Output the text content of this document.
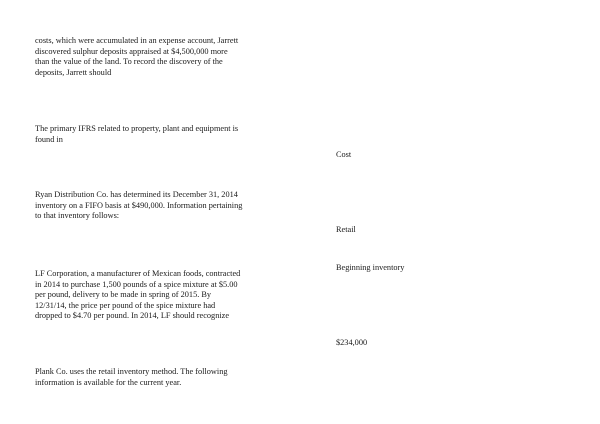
costs, which were accumulated in an expense account, Jarrett
discovered sulphur deposits appraised at $4,500,000 more
than the value of the land. To record the discovery of the
deposits, Jarrett should

The primary IFRS related to property, plant and equipment is
found in

Ryan Distribution Co. has determined its December 31, 2014
inventory on a FIFO basis at $490,000. Information pertaining
to that inventory follows:

LF Corporation, a manufacturer of Mexican foods, contracted
in 2014 to purchase 1,500 pounds of a spice mixture at $5.00
per pound, delivery to be made in spring of 2015. By
12/31/14, the price per pound of the spice mixture had
dropped to $4.70 per pound. In 2014, LF should recognize

Plank Co. uses the retail inventory method. The following
information is available for the current year.

Cost

Retail

Beginning inventory

$234,000
